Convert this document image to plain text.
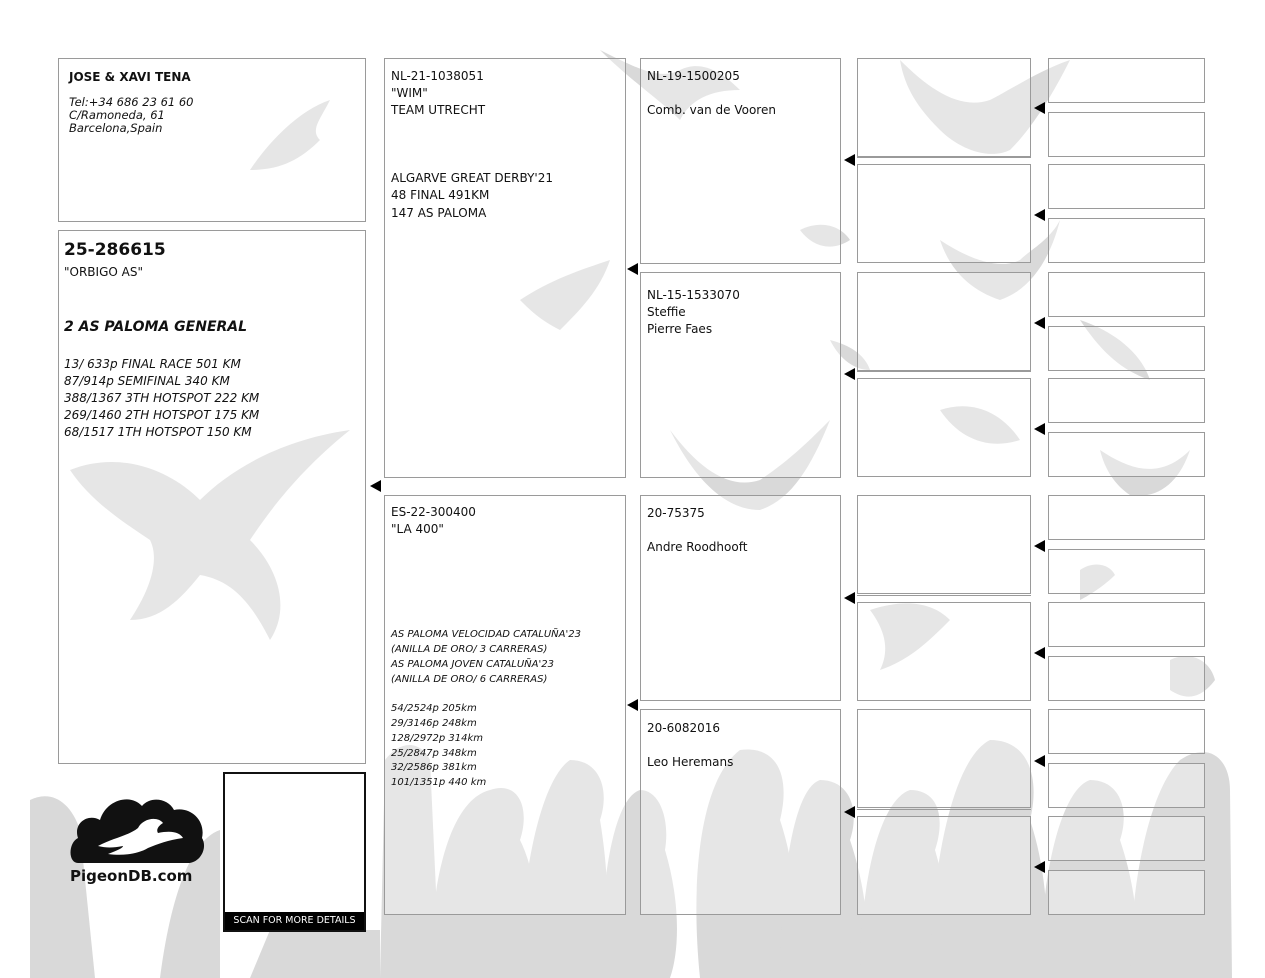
JOSE & XAVI TENA
Tel:+34 686 23 61 60
C/Ramoneda, 61
Barcelona,Spain
25-286615
"ORBIGO AS"
2 AS PALOMA GENERAL
13/ 633p FINAL RACE 501 KM
87/914p SEMIFINAL 340 KM
388/1367 3TH HOTSPOT 222 KM
269/1460 2TH HOTSPOT 175 KM
68/1517 1TH HOTSPOT 150 KM
PigeonDB.com
SCAN FOR MORE DETAILS
NL-21-1038051
"WIM"
TEAM UTRECHT
ALGARVE GREAT DERBY'21
48 FINAL 491KM
147 AS PALOMA
ES-22-300400
"LA 400"
AS PALOMA VELOCIDAD CATALUÑA'23
(ANILLA DE ORO/ 3 CARRERAS)
AS PALOMA JOVEN CATALUÑA'23
(ANILLA DE ORO/ 6 CARRERAS)
54/2524p 205km
29/3146p 248km
128/2972p 314km
25/2847p 348km
32/2586p 381km
101/1351p 440 km
NL-19-1500205
Comb. van de Vooren
NL-15-1533070
Steffie
Pierre Faes
20-75375
Andre Roodhooft
20-6082016
Leo Heremans
